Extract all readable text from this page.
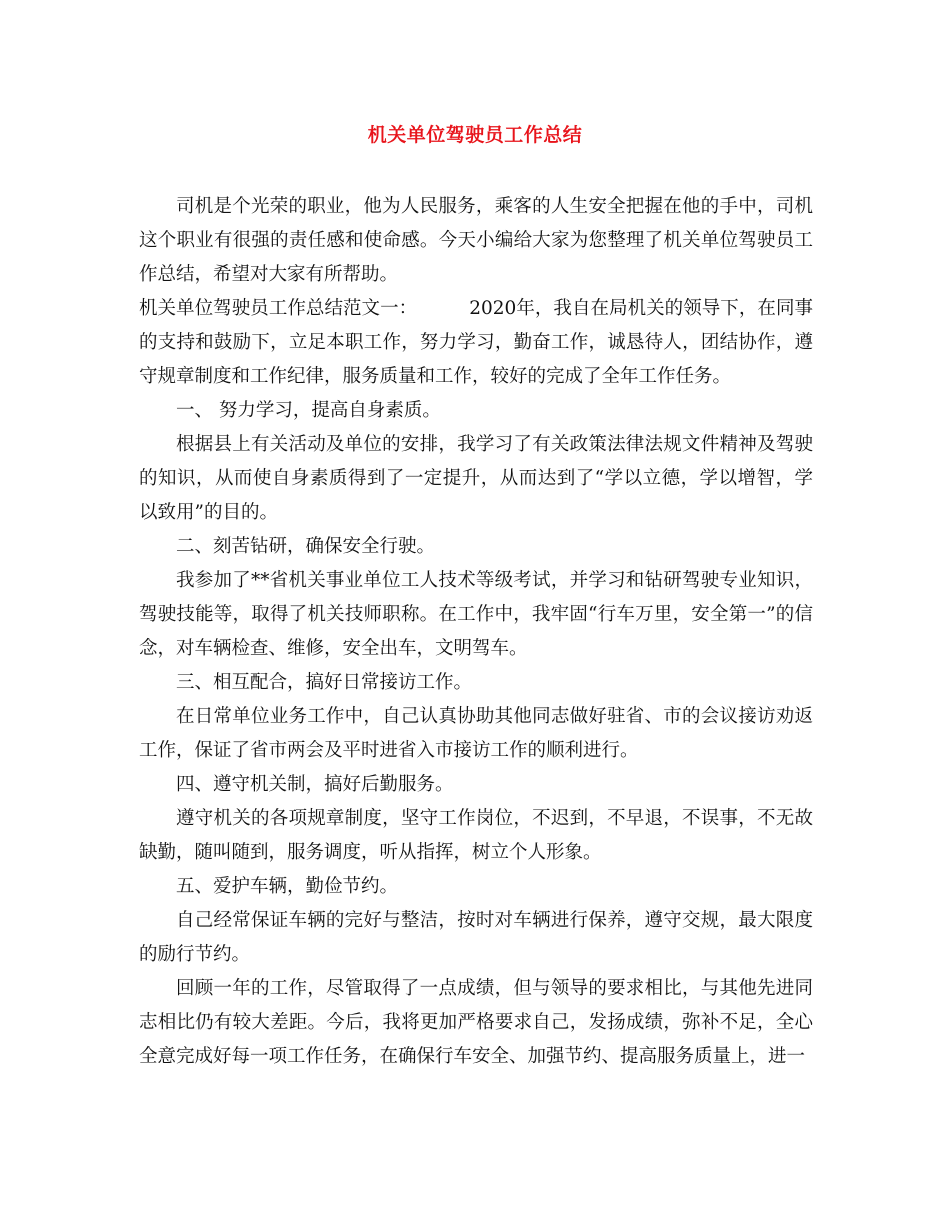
机关单位驾驶员工作总结

司机是个光荣的职业，他为人民服务，乘客的人生安全把握在他的手中，司机这个职业有很强的责任感和使命感。今天小编给大家为您整理了机关单位驾驶员工作总结，希望对大家有所帮助。

机关单位驾驶员工作总结范文一：	2020年，我自在局机关的领导下，在同事的支持和鼓励下，立足本职工作，努力学习，勤奋工作，诚恳待人，团结协作，遵守规章制度和工作纪律，服务质量和工作，较好的完成了全年工作任务。

一、 努力学习，提高自身素质。

根据县上有关活动及单位的安排，我学习了有关政策法律法规文件精神及驾驶的知识，从而使自身素质得到了一定提升，从而达到了“学以立德，学以增智，学以致用”的目的。

二、刻苦钻研，确保安全行驶。

我参加了**省机关事业单位工人技术等级考试，并学习和钻研驾驶专业知识，驾驶技能等，取得了机关技师职称。在工作中，我牢固“行车万里，安全第一”的信念，对车辆检查、维修，安全出车，文明驾车。

三、相互配合，搞好日常接访工作。

在日常单位业务工作中，自己认真协助其他同志做好驻省、市的会议接访劝返工作，保证了省市两会及平时进省入市接访工作的顺利进行。

四、遵守机关制，搞好后勤服务。

遵守机关的各项规章制度，坚守工作岗位，不迟到，不早退，不误事，不无故缺勤，随叫随到，服务调度，听从指挥，树立个人形象。

五、爱护车辆，勤俭节约。

自己经常保证车辆的完好与整洁，按时对车辆进行保养，遵守交规，最大限度的励行节约。

回顾一年的工作，尽管取得了一点成绩，但与领导的要求相比，与其他先进同志相比仍有较大差距。今后，我将更加严格要求自己，发扬成绩，弥补不足，全心全意完成好每一项工作任务，在确保行车安全、加强节约、提高服务质量上，进一
